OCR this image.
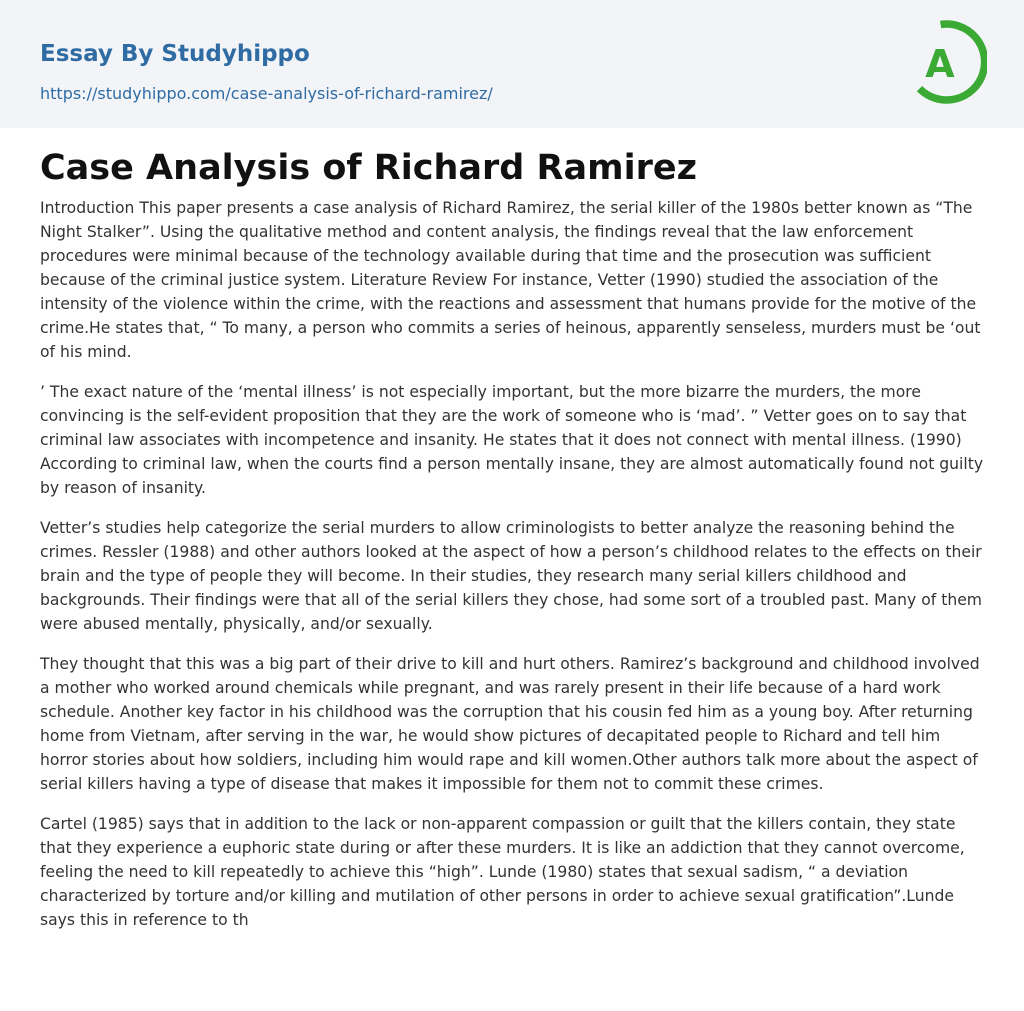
Essay By Studyhippo
https://studyhippo.com/case-analysis-of-richard-ramirez/
A
Case Analysis of Richard Ramirez

Introduction This paper presents a case analysis of Richard Ramirez, the serial killer of the 1980s better known as “The Night Stalker”. Using the qualitative method and content analysis, the findings reveal that the law enforcement procedures were minimal because of the technology available during that time and the prosecution was sufficient because of the criminal justice system. Literature Review For instance, Vetter (1990) studied the association of the intensity of the violence within the crime, with the reactions and assessment that humans provide for the motive of the crime.He states that, “ To many, a person who commits a series of heinous, apparently senseless, murders must be ‘out of his mind.

’ The exact nature of the ‘mental illness’ is not especially important, but the more bizarre the murders, the more convincing is the self-evident proposition that they are the work of someone who is ‘mad’. ” Vetter goes on to say that criminal law associates with incompetence and insanity. He states that it does not connect with mental illness. (1990) According to criminal law, when the courts find a person mentally insane, they are almost automatically found not guilty by reason of insanity.

Vetter’s studies help categorize the serial murders to allow criminologists to better analyze the reasoning behind the crimes. Ressler (1988) and other authors looked at the aspect of how a person’s childhood relates to the effects on their brain and the type of people they will become. In their studies, they research many serial killers childhood and backgrounds. Their findings were that all of the serial killers they chose, had some sort of a troubled past. Many of them were abused mentally, physically, and/or sexually.

They thought that this was a big part of their drive to kill and hurt others. Ramirez’s background and childhood involved a mother who worked around chemicals while pregnant, and was rarely present in their life because of a hard work schedule. Another key factor in his childhood was the corruption that his cousin fed him as a young boy. After returning home from Vietnam, after serving in the war, he would show pictures of decapitated people to Richard and tell him horror stories about how soldiers, including him would rape and kill women.Other authors talk more about the aspect of serial killers having a type of disease that makes it impossible for them not to commit these crimes.

Cartel (1985) says that in addition to the lack or non-apparent compassion or guilt that the killers contain, they state that they experience a euphoric state during or after these murders. It is like an addiction that they cannot overcome, feeling the need to kill repeatedly to achieve this “high”. Lunde (1980) states that sexual sadism, “ a deviation characterized by torture and/or killing and mutilation of other persons in order to achieve sexual gratification”.Lunde says this in reference to th
